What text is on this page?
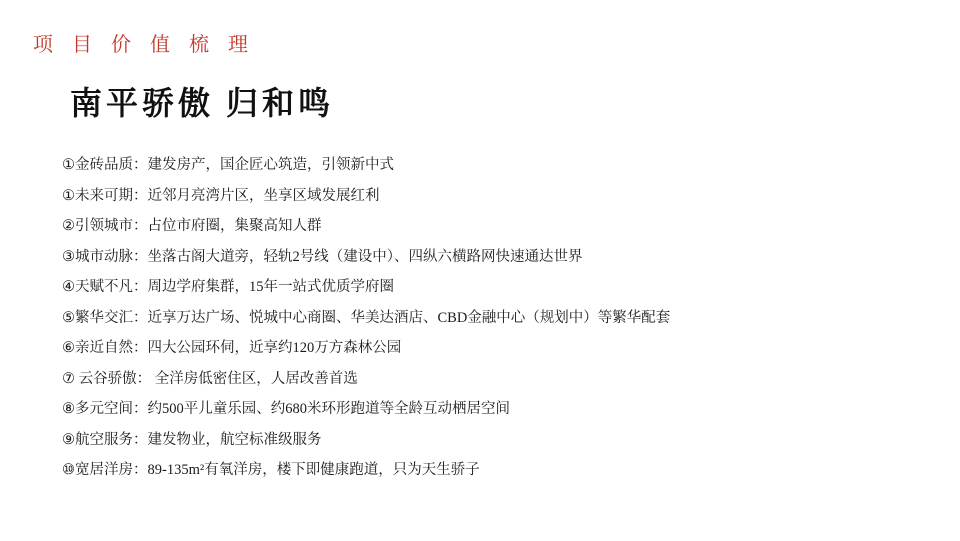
项 目 价 值 梳 理
南平骄傲 归和鸣
①金砖品质：建发房产，国企匠心筑造，引领新中式
①未来可期：近邻月亮湾片区，坐享区域发展红利
②引领城市：占位市府圈，集聚高知人群
③城市动脉：坐落古阁大道旁，轻轨2号线（建设中）、四纵六横路网快速通达世界
④天赋不凡：周边学府集群，15年一站式优质学府圈
⑤繁华交汇：近享万达广场、悦城中心商圈、华美达酒店、CBD金融中心（规划中）等繁华配套
⑥亲近自然：四大公园环伺，近享约120万方森林公园
⑦ 云谷骄傲： 全洋房低密住区，人居改善首选
⑧多元空间：约500平儿童乐园、约680米环形跑道等全龄互动栖居空间
⑨航空服务：建发物业，航空标准级服务
⑩宽居洋房：89-135m²有氧洋房，楼下即健康跑道，只为天生骄子
